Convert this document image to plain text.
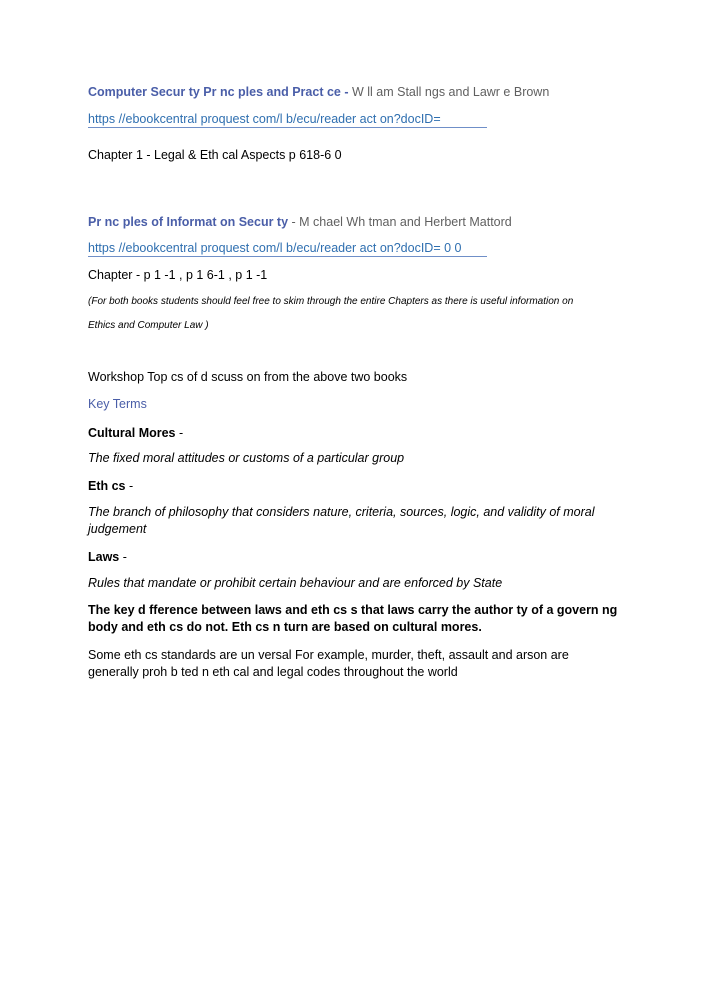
Computer Secur ty Pr nc ples and Pract ce - W ll am Stall ngs and Lawr e Brown
https //ebookcentral proquest com/l b/ecu/reader act on?docID=
Chapter 1 - Legal & Eth cal Aspects p 618-6 0
Pr nc ples of Informat on Secur ty - M chael Wh tman and Herbert Mattord
https //ebookcentral proquest com/l b/ecu/reader act on?docID= 0 0
Chapter - p 1 -1 , p 1 6-1 , p 1 -1
(For both books students should feel free to skim through the entire Chapters as there is useful information on
Ethics and Computer Law )
Workshop Top cs of d scuss on from the above two books
Key Terms
Cultural Mores -
The fixed moral attitudes or customs of a particular group
Eth cs -
The branch of philosophy that considers nature, criteria, sources, logic, and validity of moral judgement
Laws -
Rules that mandate or prohibit certain behaviour and are enforced by State
The key d fference between laws and eth cs s that laws carry the author ty of a govern ng body and eth cs do not. Eth cs n turn are based on cultural mores.
Some eth cs standards are un versal For example, murder, theft, assault and arson are generally proh b ted n eth cal and legal codes throughout the world
